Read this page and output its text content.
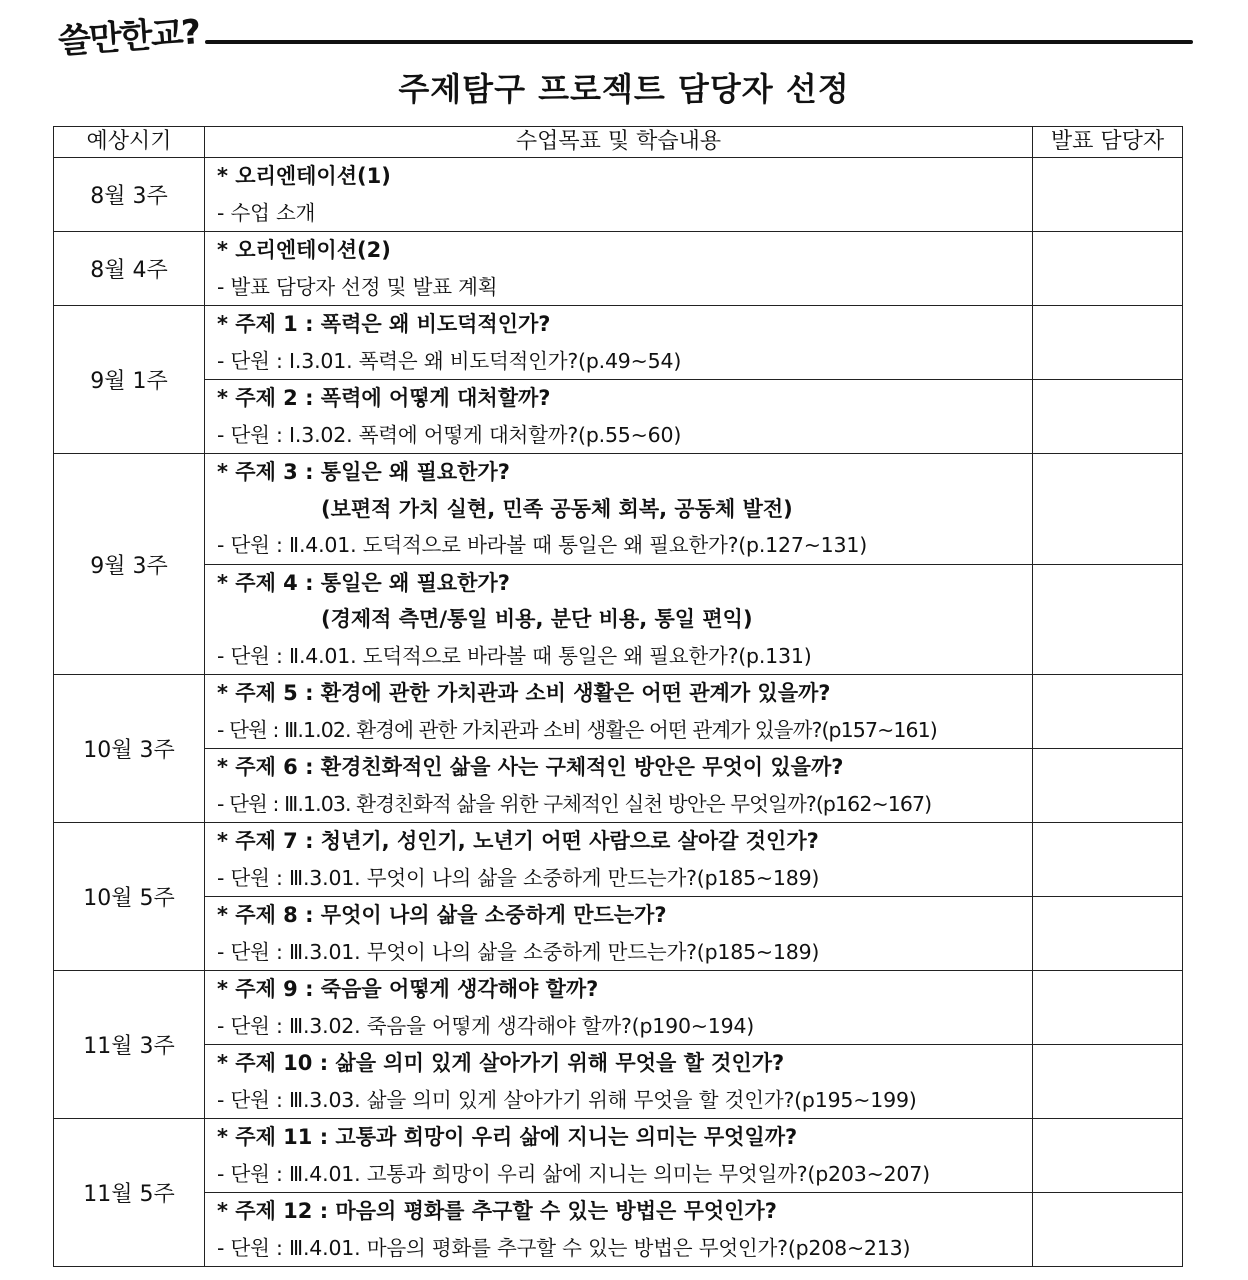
쓸만한교?
주제탐구 프로젝트 담당자 선정
예상시기	수업목표 및 학습내용	발표 담당자
8월 3주	* 오리엔테이션(1)
- 수업 소개	

8월 4주	* 오리엔테이션(2)
- 발표 담당자 선정 및 발표 계획	

9월 1주	* 주제 1 : 폭력은 왜 비도덕적인가?
- 단원 : Ⅰ.3.01. 폭력은 왜 비도덕적인가?(p.49~54)	

	* 주제 2 : 폭력에 어떻게 대처할까?
- 단원 : Ⅰ.3.02. 폭력에 어떻게 대처할까?(p.55~60)	

9월 3주	* 주제 3 : 통일은 왜 필요한가?
(보편적 가치 실현, 민족 공동체 회복, 공동체 발전)
- 단원 : Ⅱ.4.01. 도덕적으로 바라볼 때 통일은 왜 필요한가?(p.127~131)	

	* 주제 4 : 통일은 왜 필요한가?
(경제적 측면/통일 비용, 분단 비용, 통일 편익)
- 단원 : Ⅱ.4.01. 도덕적으로 바라볼 때 통일은 왜 필요한가?(p.131)	

10월 3주	* 주제 5 : 환경에 관한 가치관과 소비 생활은 어떤 관계가 있을까?
- 단원 : Ⅲ.1.02. 환경에 관한 가치관과 소비 생활은 어떤 관계가 있을까?(p157~161)	

	* 주제 6 : 환경친화적인 삶을 사는 구체적인 방안은 무엇이 있을까?
- 단원 : Ⅲ.1.03. 환경친화적 삶을 위한 구체적인 실천 방안은 무엇일까?(p162~167)	

10월 5주	* 주제 7 : 청년기, 성인기, 노년기 어떤 사람으로 살아갈 것인가?
- 단원 : Ⅲ.3.01. 무엇이 나의 삶을 소중하게 만드는가?(p185~189)	

	* 주제 8 : 무엇이 나의 삶을 소중하게 만드는가?
- 단원 : Ⅲ.3.01. 무엇이 나의 삶을 소중하게 만드는가?(p185~189)	

11월 3주	* 주제 9 : 죽음을 어떻게 생각해야 할까?
- 단원 : Ⅲ.3.02. 죽음을 어떻게 생각해야 할까?(p190~194)	

	* 주제 10 : 삶을 의미 있게 살아가기 위해 무엇을 할 것인가?
- 단원 : Ⅲ.3.03. 삶을 의미 있게 살아가기 위해 무엇을 할 것인가?(p195~199)	

11월 5주	* 주제 11 : 고통과 희망이 우리 삶에 지니는 의미는 무엇일까?
- 단원 : Ⅲ.4.01. 고통과 희망이 우리 삶에 지니는 의미는 무엇일까?(p203~207)	

	* 주제 12 : 마음의 평화를 추구할 수 있는 방법은 무엇인가?
- 단원 : Ⅲ.4.01. 마음의 평화를 추구할 수 있는 방법은 무엇인가?(p208~213)	
